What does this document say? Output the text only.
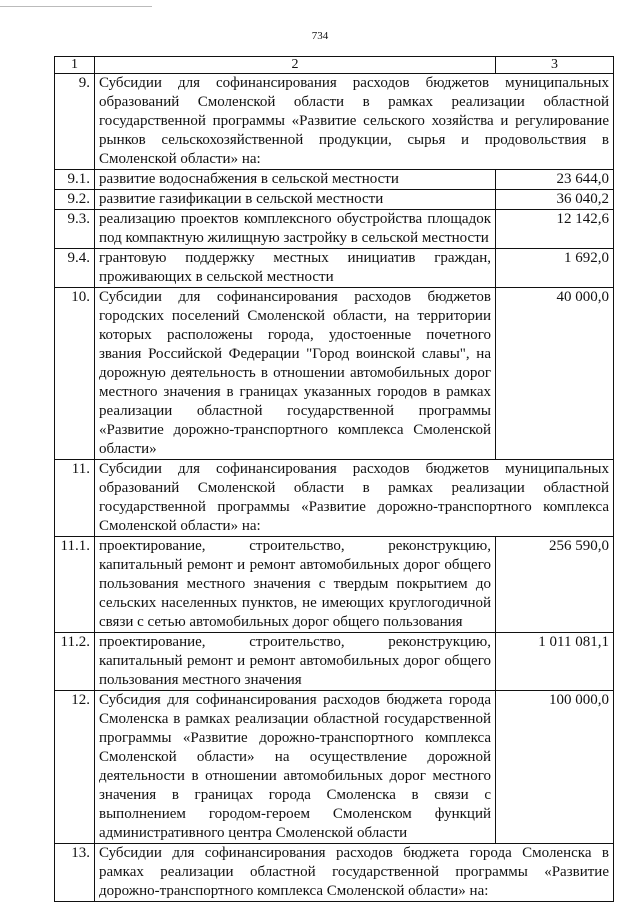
734
1	2	3
9.	Субсидии для софинансирования расходов бюджетов муниципальных образований Смоленской области в рамках реализации областной государственной программы «Развитие сельского хозяйства и регулирование рынков сельскохозяйственной продукции, сырья и продовольствия в Смоленской области» на:	
9.1.	развитие водоснабжения в сельской местности	23 644,0
9.2.	развитие газификации в сельской местности	36 040,2
9.3.	реализацию проектов комплексного обустройства площадок под компактную жилищную застройку в сельской местности	12 142,6
9.4.	грантовую поддержку местных инициатив граждан, проживающих в сельской местности	1 692,0
10.	Субсидии для софинансирования расходов бюджетов городских поселений Смоленской области, на территории которых расположены города, удостоенные почетного звания Российской Федерации "Город воинской славы", на дорожную деятельность в отношении автомобильных дорог местного значения в границах указанных городов в рамках реализации областной государственной программы «Развитие дорожно-транспортного комплекса Смоленской области»	40 000,0
11.	Субсидии для софинансирования расходов бюджетов муниципальных образований Смоленской области в рамках реализации областной государственной программы «Развитие дорожно-транспортного комплекса Смоленской области» на:	
11.1.	проектирование, строительство, реконструкцию, капитальный ремонт и ремонт автомобильных дорог общего пользования местного значения с твердым покрытием до сельских населенных пунктов, не имеющих круглогодичной связи с сетью автомобильных дорог общего пользования	256 590,0
11.2.	проектирование, строительство, реконструкцию, капитальный ремонт и ремонт автомобильных дорог общего пользования местного значения	1 011 081,1
12.	Субсидия для софинансирования расходов бюджета города Смоленска в рамках реализации областной государственной программы «Развитие дорожно-транспортного комплекса Смоленской области» на осуществление дорожной деятельности в отношении автомобильных дорог местного значения в границах города Смоленска в связи с выполнением городом-героем Смоленском функций административного центра Смоленской области	100 000,0
13.	Субсидии для софинансирования расходов бюджета города Смоленска в рамках реализации областной государственной программы «Развитие дорожно-транспортного комплекса Смоленской области» на:	
